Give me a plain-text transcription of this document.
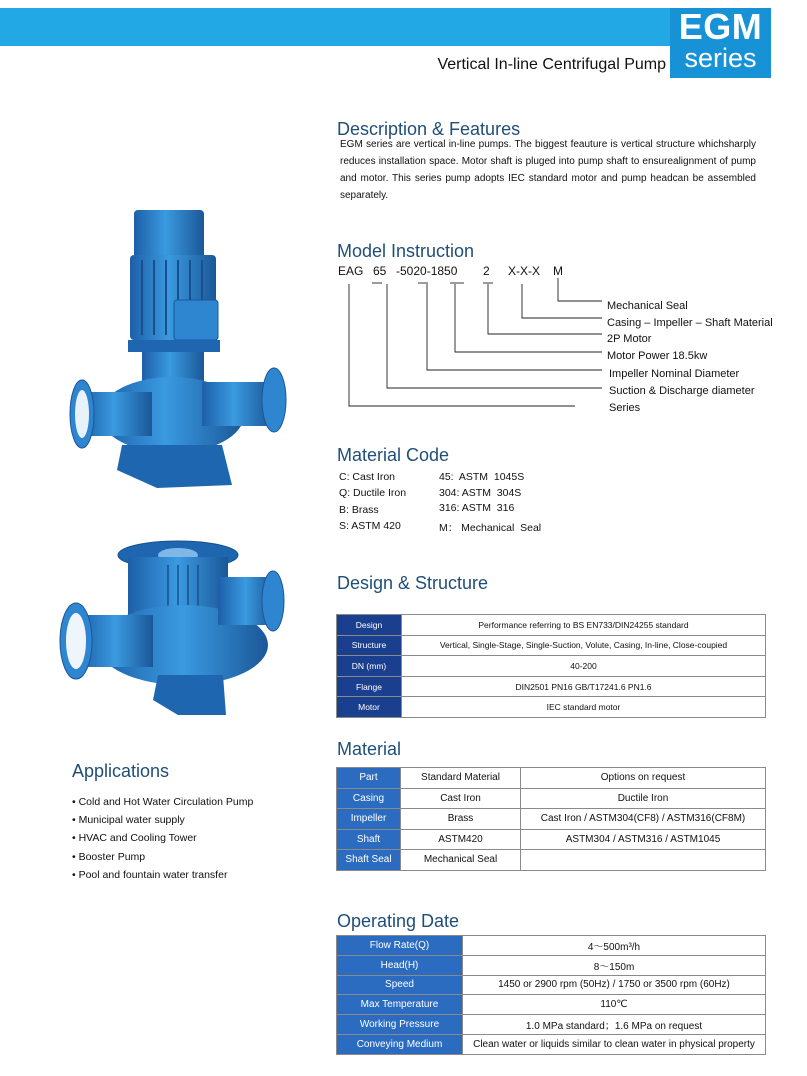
EGM
series
Vertical In-line Centrifugal Pump
Description & Features
EGM series are vertical in-line pumps. The biggest feauture is vertical structure whichsharply reduces installation space. Motor shaft is pluged into pump shaft to ensurealignment of pump and motor. This series pump adopts IEC standard motor and pump headcan be assembled separately.
Model Instruction
EAG 65 -5020-1850 2 X-X-X M
Mechanical Seal
Casing – Impeller – Shaft Material
2P Motor
Motor Power 18.5kw
Impeller Nominal Diameter
Suction & Discharge diameter
Series
Material Code
C: Cast Iron
Q: Ductile Iron
B: Brass
S: ASTM 420
45:  ASTM  1045S
304: ASTM  304S
316: ASTM  316
M： Mechanical  Seal
Design & Structure
Design	Performance referring to BS EN733/DIN24255 standard
Structure	Vertical, Single-Stage, Single-Suction, Volute, Casing, In-line, Close-coupied
DN (mm)	40-200
Flange	DIN2501 PN16 GB/T17241.6 PN1.6
Motor	IEC standard motor
Material
Part	Standard Material	Options on request
Casing	Cast Iron	Ductile Iron
Impeller	Brass	Cast Iron / ASTM304(CF8) / ASTM316(CF8M)
Shaft	ASTM420	ASTM304 / ASTM316 / ASTM1045
Shaft Seal	Mechanical Seal	
Applications
• Cold and Hot Water Circulation Pump
• Municipal water supply
• HVAC and Cooling Tower
• Booster Pump
• Pool and fountain water transfer
Operating Date
Flow Rate(Q)	4～500m³/h
Head(H)	8～150m
Speed	1450 or 2900 rpm (50Hz) / 1750 or 3500 rpm (60Hz)
Max Temperature	110℃
Working Pressure	1.0 MPa standard；1.6 MPa on request
Conveying Medium	Clean water or liquids similar to clean water in physical property
